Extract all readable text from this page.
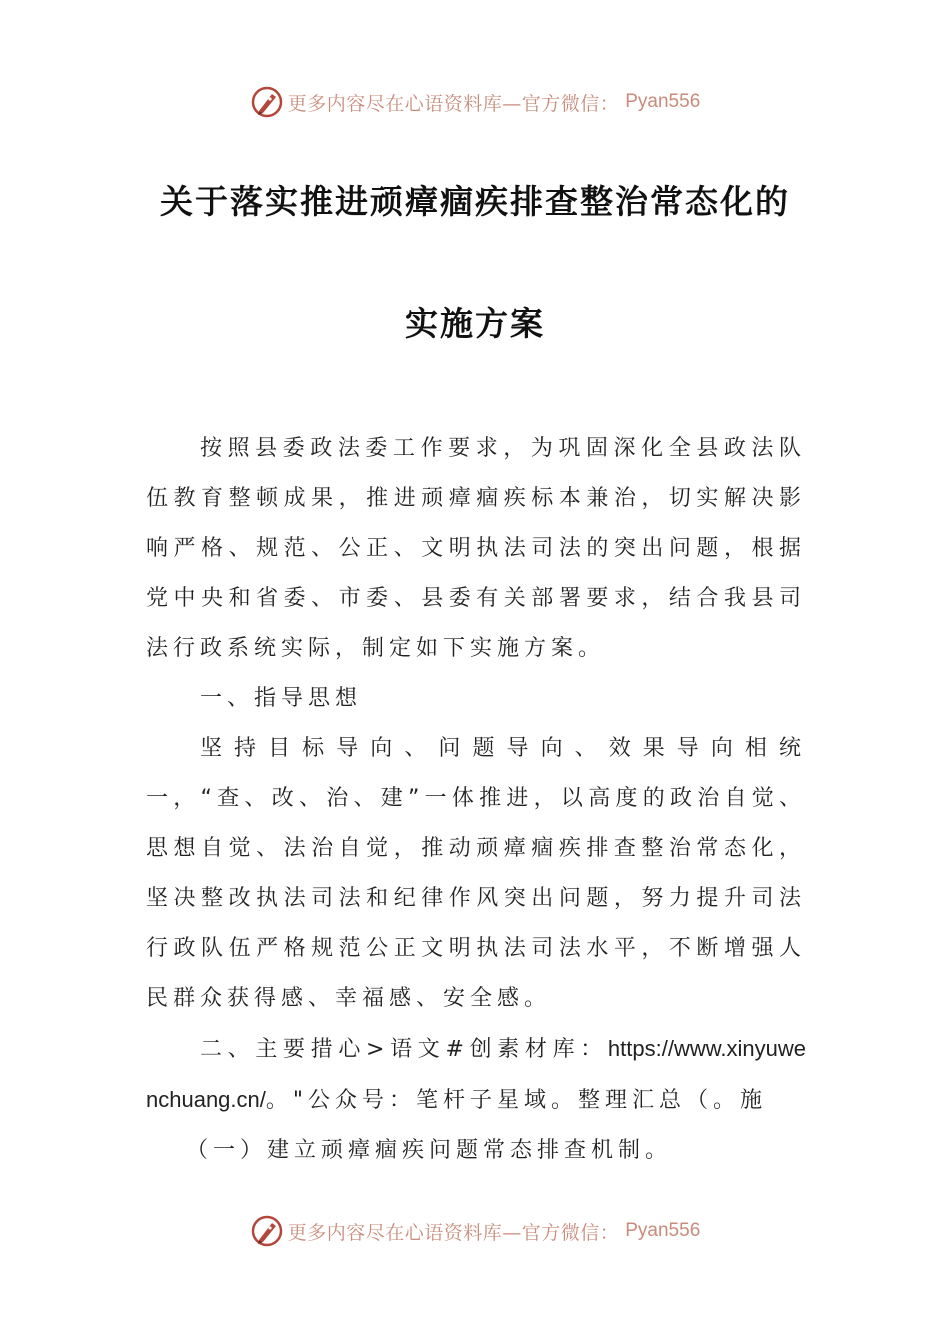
更多内容尽在心语资料库—官方微信： Pyan556
关于落实推进顽瘴痼疾排查整治常态化的
实施方案

按照县委政法委工作要求，为巩固深化全县政法队伍教育整顿成果，推进顽瘴痼疾标本兼治，切实解决影响严格、规范、公正、文明执法司法的突出问题，根据党中央和省委、市委、县委有关部署要求，结合我县司法行政系统实际，制定如下实施方案。

一、指导思想

坚持目标导向、问题导向、效果导向相统一，“查、改、治、建”一体推进，以高度的政治自觉、思想自觉、法治自觉，推动顽瘴痼疾排查整治常态化，坚决整改执法司法和纪律作风突出问题，努力提升司法行政队伍严格规范公正文明执法司法水平，不断增强人民群众获得感、幸福感、安全感。

二、主要措心>语文#创素材库：https://www.xinyuwenchuang.cn/。"公众号：笔杆子星域。整理汇总（。施

（一）建立顽瘴痼疾问题常态排查机制。

更多内容尽在心语资料库—官方微信： Pyan556
